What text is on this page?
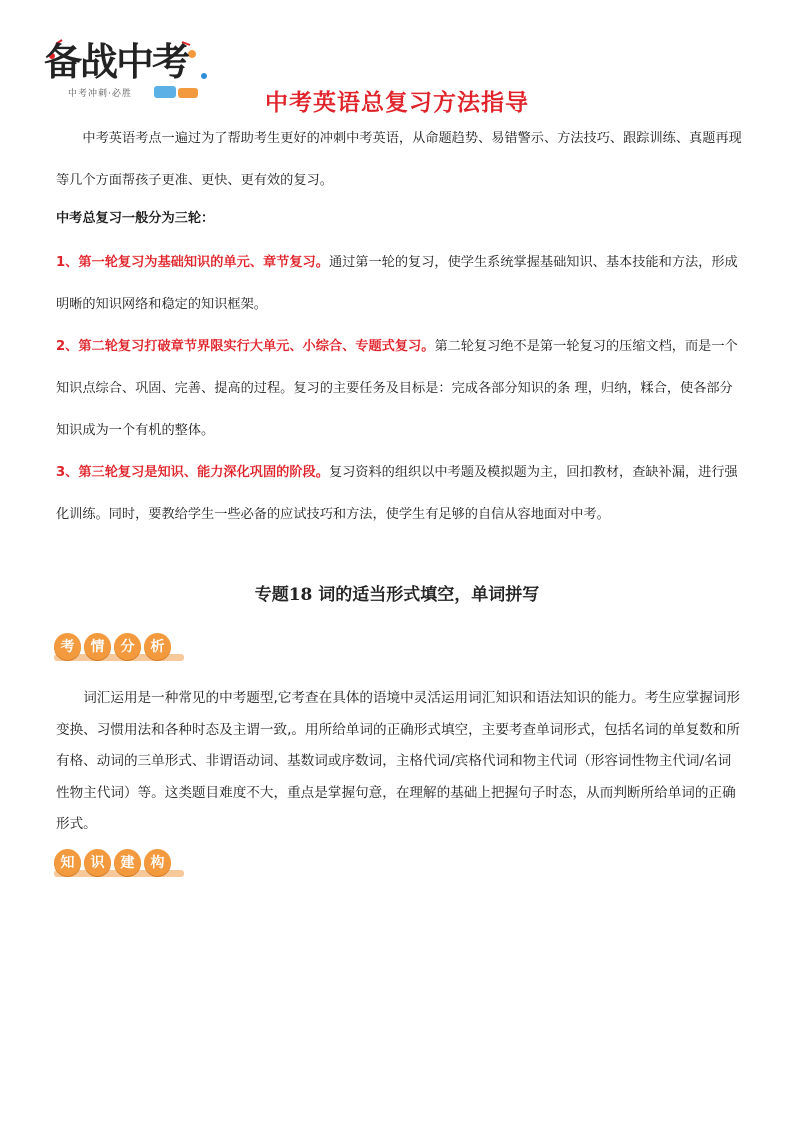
备战中考
中考冲刺·必胜	中考英语总复习方法指导
中考英语考点一遍过为了帮助考生更好的冲刺中考英语，从命题趋势、易错警示、方法技巧、跟踪训练、真题再现等几个方面帮孩子更准、更快、更有效的复习。
中考总复习一般分为三轮：
1、第一轮复习为基础知识的单元、章节复习。通过第一轮的复习，使学生系统掌握基础知识、基本技能和方法，形成明晰的知识网络和稳定的知识框架。
2、第二轮复习打破章节界限实行大单元、小综合、专题式复习。第二轮复习绝不是第一轮复习的压缩文档，而是一个知识点综合、巩固、完善、提高的过程。复习的主要任务及目标是：完成各部分知识的条 理，归纳，糅合，使各部分知识成为一个有机的整体。
3、第三轮复习是知识、能力深化巩固的阶段。复习资料的组织以中考题及模拟题为主，回扣教材，查缺补漏，进行强化训练。同时，要教给学生一些必备的应试技巧和方法，使学生有足够的自信从容地面对中考。
专题18 词的适当形式填空，单词拼写
考	情	分	析
词汇运用是一种常见的中考题型,它考查在具体的语境中灵活运用词汇知识和语法知识的能力。考生应掌握词形变换、习惯用法和各种时态及主谓一致,。用所给单词的正确形式填空，主要考查单词形式，包括名词的单复数和所有格、动词的三单形式、非谓语动词、基数词或序数词，主格代词/宾格代词和物主代词（形容词性物主代词/名词性物主代词）等。这类题目难度不大，重点是掌握句意，在理解的基础上把握句子时态，从而判断所给单词的正确形式。
知	识	建	构
